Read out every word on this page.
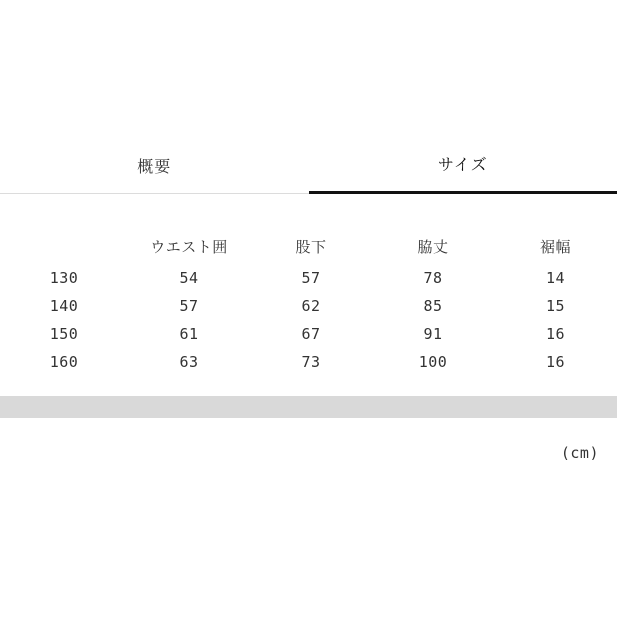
概要	サイズ
	ウエスト囲	股下	脇丈	裾幅
130	54	57	78	14
140	57	62	85	15
150	61	67	91	16
160	63	73	100	16
(cm)
